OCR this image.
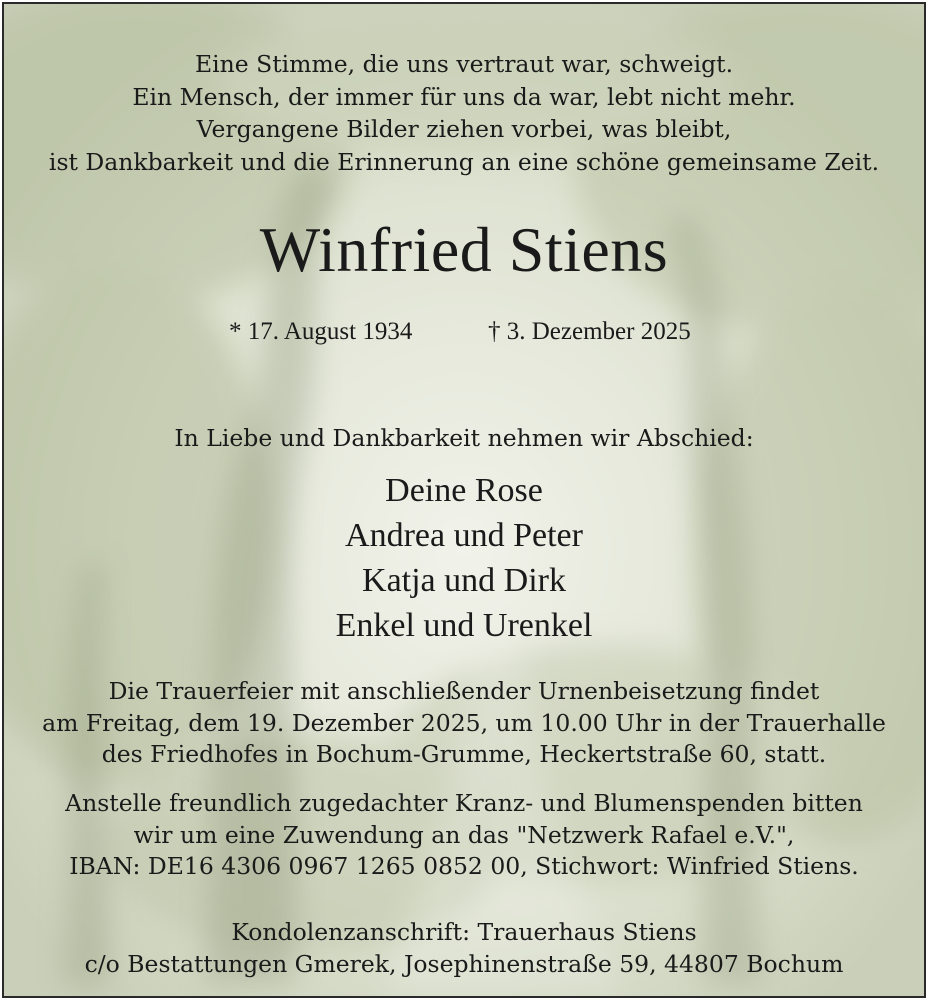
Eine Stimme, die uns vertraut war, schweigt.
Ein Mensch, der immer für uns da war, lebt nicht mehr.
Vergangene Bilder ziehen vorbei, was bleibt,
ist Dankbarkeit und die Erinnerung an eine schöne gemeinsame Zeit.
Winfried Stiens
* 17. August 1934	† 3. Dezember 2025
In Liebe und Dankbarkeit nehmen wir Abschied:
Deine Rose
Andrea und Peter
Katja und Dirk
Enkel und Urenkel
Die Trauerfeier mit anschließender Urnenbeisetzung findet
am Freitag, dem 19. Dezember 2025, um 10.00 Uhr in der Trauerhalle
des Friedhofes in Bochum-Grumme, Heckertstraße 60, statt.
Anstelle freundlich zugedachter Kranz- und Blumenspenden bitten
wir um eine Zuwendung an das "Netzwerk Rafael e.V.",
IBAN: DE16 4306 0967 1265 0852 00, Stichwort: Winfried Stiens.
Kondolenzanschrift: Trauerhaus Stiens
c/o Bestattungen Gmerek, Josephinenstraße 59, 44807 Bochum
